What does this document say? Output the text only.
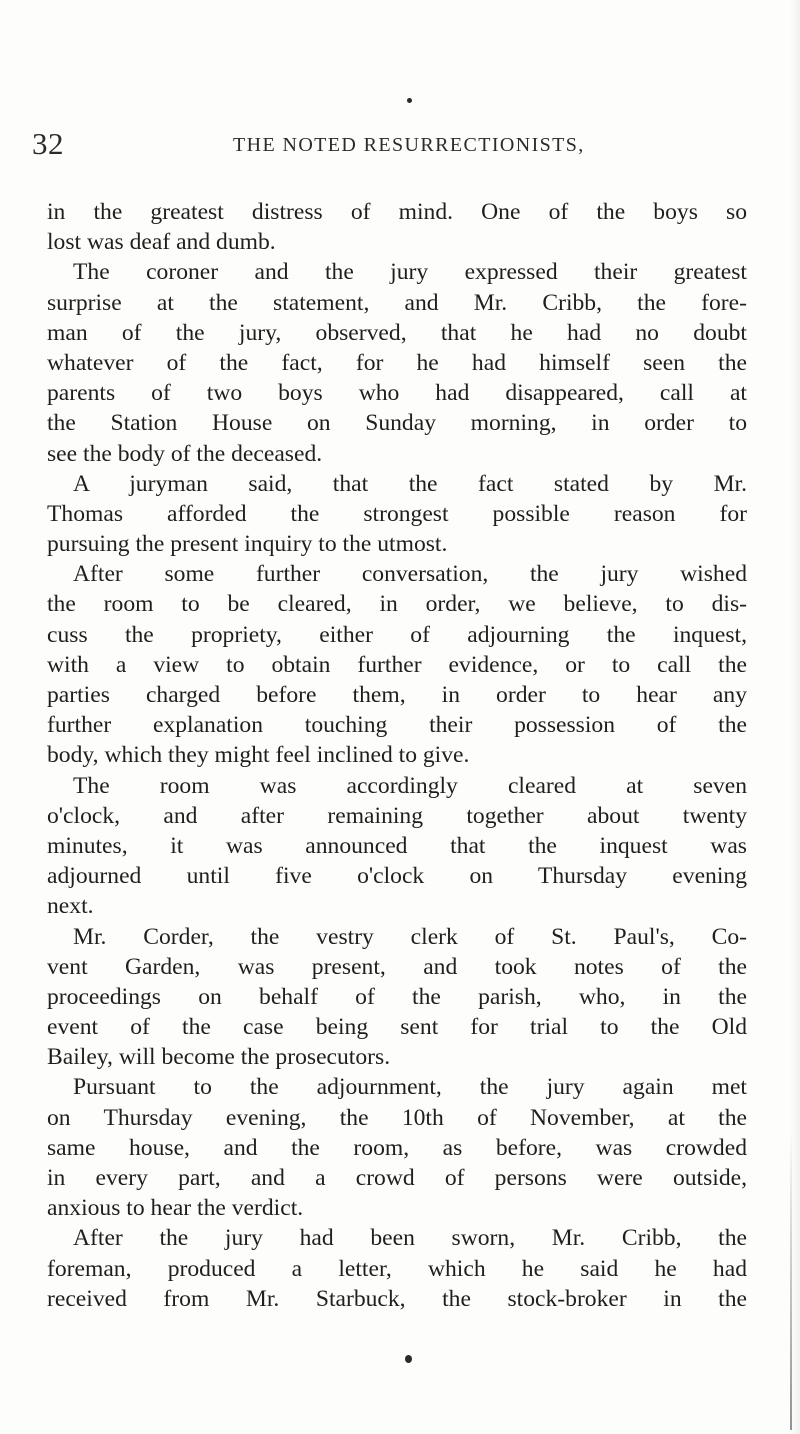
32	THE NOTED RESURRECTIONISTS,
in the greatest distress of mind. One of the boys so
lost was deaf and dumb.
The coroner and the jury expressed their greatest
surprise at the statement, and Mr. Cribb, the fore-
man of the jury, observed, that he had no doubt
whatever of the fact, for he had himself seen the
parents of two boys who had disappeared, call at
the Station House on Sunday morning, in order to
see the body of the deceased.
A juryman said, that the fact stated by Mr.
Thomas afforded the strongest possible reason for
pursuing the present inquiry to the utmost.
After some further conversation, the jury wished
the room to be cleared, in order, we believe, to dis-
cuss the propriety, either of adjourning the inquest,
with a view to obtain further evidence, or to call the
parties charged before them, in order to hear any
further explanation touching their possession of the
body, which they might feel inclined to give.
The room was accordingly cleared at seven
o'clock, and after remaining together about twenty
minutes, it was announced that the inquest was
adjourned until five o'clock on Thursday evening
next.
Mr. Corder, the vestry clerk of St. Paul's, Co-
vent Garden, was present, and took notes of the
proceedings on behalf of the parish, who, in the
event of the case being sent for trial to the Old
Bailey, will become the prosecutors.
Pursuant to the adjournment, the jury again met
on Thursday evening, the 10th of November, at the
same house, and the room, as before, was crowded
in every part, and a crowd of persons were outside,
anxious to hear the verdict.
After the jury had been sworn, Mr. Cribb, the
foreman, produced a letter, which he said he had
received from Mr. Starbuck, the stock-broker in the
